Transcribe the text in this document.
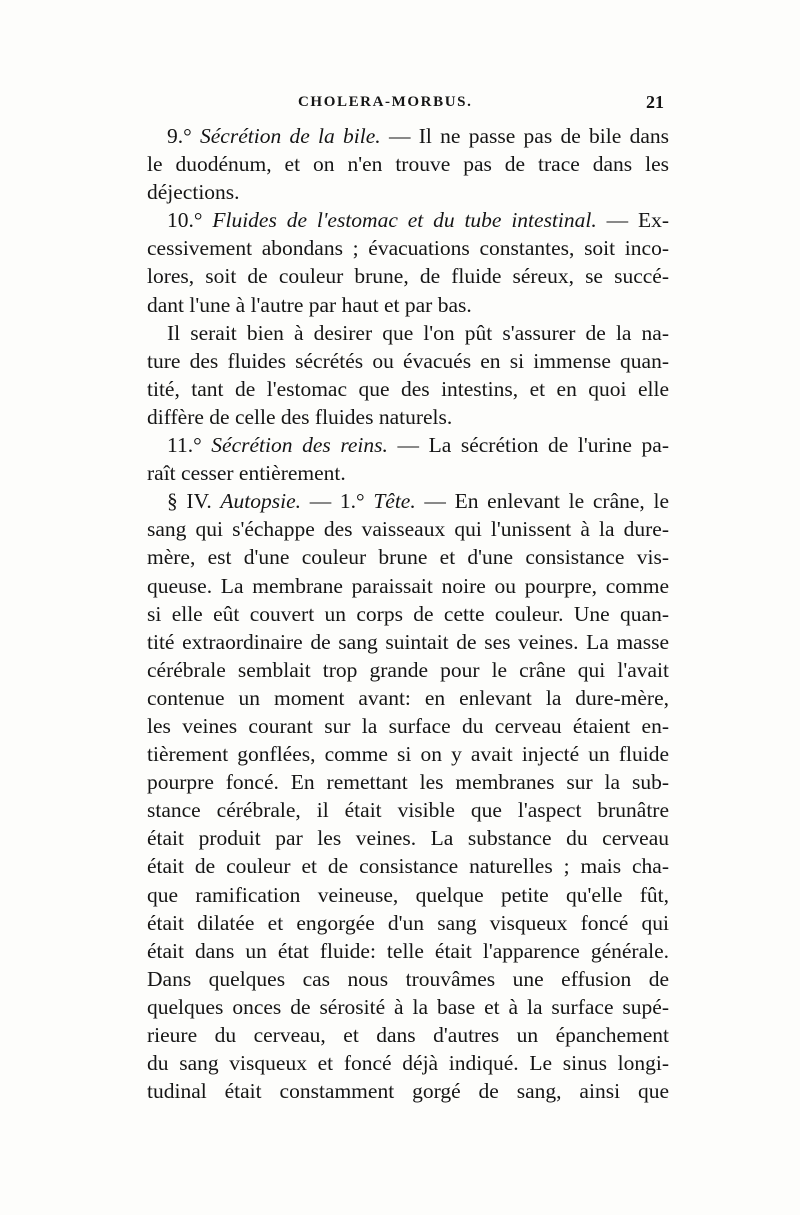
CHOLERA-MORBUS.	21
9.° Sécrétion de la bile. — Il ne passe pas de bile dans
le duodénum, et on n'en trouve pas de trace dans les
déjections.
10.° Fluides de l'estomac et du tube intestinal. — Ex-
cessivement abondans ; évacuations constantes, soit inco-
lores, soit de couleur brune, de fluide séreux, se succé-
dant l'une à l'autre par haut et par bas.
Il serait bien à desirer que l'on pût s'assurer de la na-
ture des fluides sécrétés ou évacués en si immense quan-
tité, tant de l'estomac que des intestins, et en quoi elle
diffère de celle des fluides naturels.
11.° Sécrétion des reins. — La sécrétion de l'urine pa-
raît cesser entièrement.
§ IV. Autopsie. — 1.° Tête. — En enlevant le crâne, le
sang qui s'échappe des vaisseaux qui l'unissent à la dure-
mère, est d'une couleur brune et d'une consistance vis-
queuse. La membrane paraissait noire ou pourpre, comme
si elle eût couvert un corps de cette couleur. Une quan-
tité extraordinaire de sang suintait de ses veines. La masse
cérébrale semblait trop grande pour le crâne qui l'avait
contenue un moment avant: en enlevant la dure-mère,
les veines courant sur la surface du cerveau étaient en-
tièrement gonflées, comme si on y avait injecté un fluide
pourpre foncé. En remettant les membranes sur la sub-
stance cérébrale, il était visible que l'aspect brunâtre
était produit par les veines. La substance du cerveau
était de couleur et de consistance naturelles ; mais cha-
que ramification veineuse, quelque petite qu'elle fût,
était dilatée et engorgée d'un sang visqueux foncé qui
était dans un état fluide: telle était l'apparence générale.
Dans quelques cas nous trouvâmes une effusion de
quelques onces de sérosité à la base et à la surface supé-
rieure du cerveau, et dans d'autres un épanchement
du sang visqueux et foncé déjà indiqué. Le sinus longi-
tudinal était constamment gorgé de sang, ainsi que
